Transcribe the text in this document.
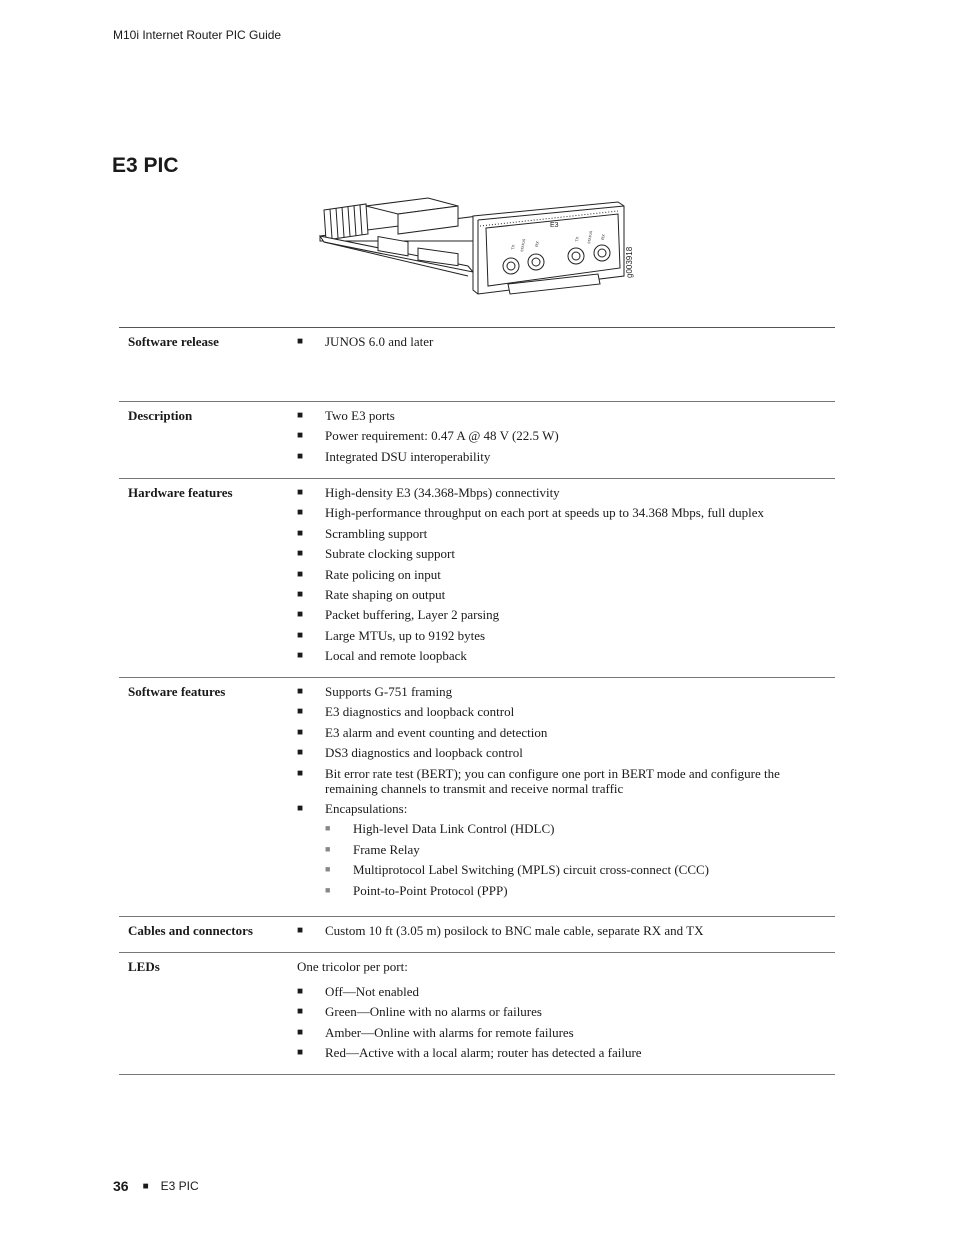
M10i Internet Router PIC Guide
E3 PIC
E3
TX STATUS RX
TX STATUS RX
g003918
Software release	■ JUNOS 6.0 and later
Description	■ Two E3 ports
■ Power requirement: 0.47 A @ 48 V (22.5 W)
■ Integrated DSU interoperability
Hardware features	■ High-density E3 (34.368-Mbps) connectivity
■ High-performance throughput on each port at speeds up to 34.368 Mbps, full duplex
■ Scrambling support
■ Subrate clocking support
■ Rate policing on input
■ Rate shaping on output
■ Packet buffering, Layer 2 parsing
■ Large MTUs, up to 9192 bytes
■ Local and remote loopback
Software features	■ Supports G-751 framing
■ E3 diagnostics and loopback control
■ E3 alarm and event counting and detection
■ DS3 diagnostics and loopback control
■ Bit error rate test (BERT); you can configure one port in BERT mode and configure the remaining channels to transmit and receive normal traffic
■ Encapsulations:
■ High-level Data Link Control (HDLC)
■ Frame Relay
■ Multiprotocol Label Switching (MPLS) circuit cross-connect (CCC)
■ Point-to-Point Protocol (PPP)
Cables and connectors	■ Custom 10 ft (3.05 m) posilock to BNC male cable, separate RX and TX
LEDs	One tricolor per port:
■ Off—Not enabled
■ Green—Online with no alarms or failures
■ Amber—Online with alarms for remote failures
■ Red—Active with a local alarm; router has detected a failure
36 ■ E3 PIC
